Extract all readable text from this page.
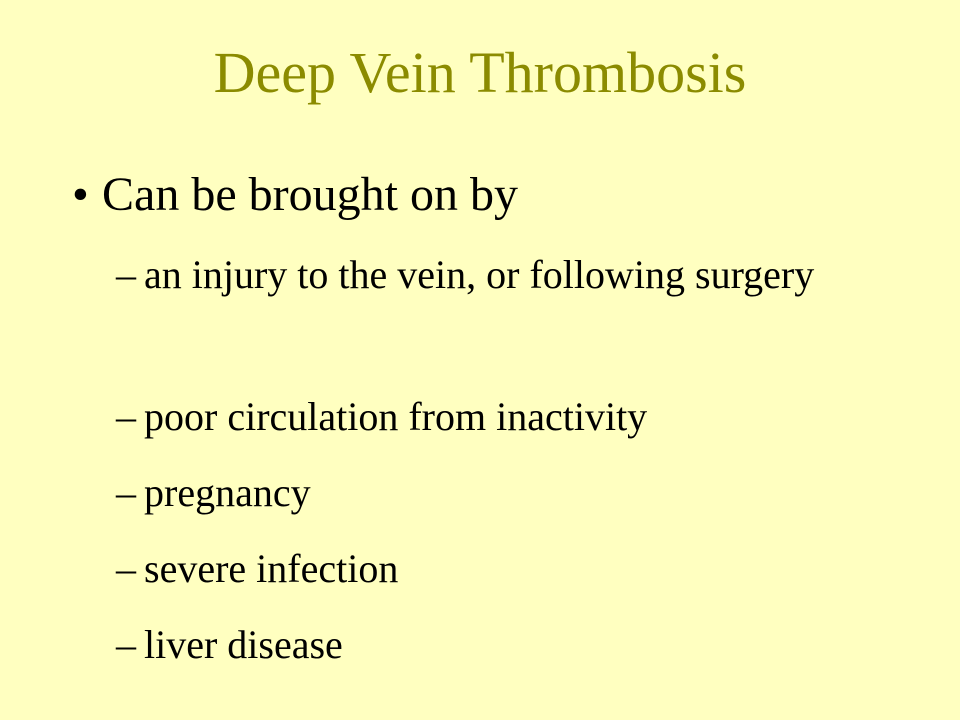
Deep Vein Thrombosis
• Can be brought on by
– an injury to the vein, or following surgery
– poor circulation from inactivity
– pregnancy
– severe infection
– liver disease
